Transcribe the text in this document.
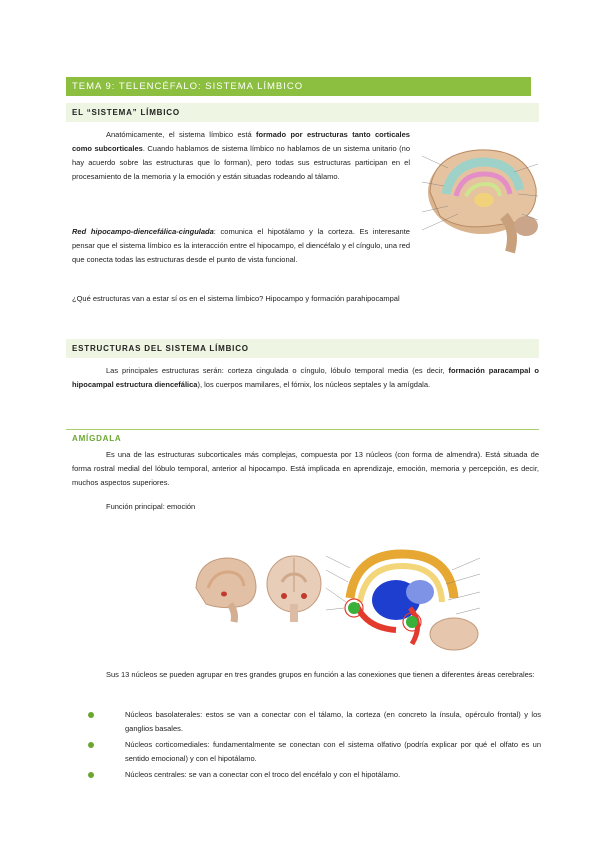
TEMA 9: TELENCÉFALO: SISTEMA LÍMBICO
EL “SISTEMA” LÍMBICO

Anatómicamente, el sistema límbico está formado por estructuras tanto corticales como subcorticales. Cuando hablamos de sistema límbico no hablamos de un sistema unitario (no hay acuerdo sobre las estructuras que lo forman), pero todas sus estructuras participan en el procesamiento de la memoria y la emoción y están situadas rodeando al tálamo.

Red hipocampo-diencefálica-cingulada: comunica el hipotálamo y la corteza. Es interesante pensar que el sistema límbico es la interacción entre el hipocampo, el diencéfalo y el cíngulo, una red que conecta todas las estructuras desde el punto de vista funcional.

¿Qué estructuras van a estar sí os en el sistema límbico? Hipocampo y formación parahipocampal

ESTRUCTURAS DEL SISTEMA LÍMBICO

Las principales estructuras serán: corteza cingulada o cíngulo, lóbulo temporal media (es decir, formación paracampal o hipocampal estructura diencefálica), los cuerpos mamilares, el fórnix, los núcleos septales y la amígdala.

AMÍGDALA

Es una de las estructuras subcorticales más complejas, compuesta por 13 núcleos (con forma de almendra). Está situada de forma rostral medial del lóbulo temporal, anterior al hipocampo. Está implicada en aprendizaje, emoción, memoria y percepción, es decir, muchos aspectos superiores.

Función principal: emoción

Sus 13 núcleos se pueden agrupar en tres grandes grupos en función a las conexiones que tienen a diferentes áreas cerebrales:

Núcleos basolaterales: estos se van a conectar con el tálamo, la corteza (en concreto la ínsula, opérculo frontal) y los ganglios basales.
Núcleos corticomediales: fundamentalmente se conectan con el sistema olfativo (podría explicar por qué el olfato es un sentido emocional) y con el hipotálamo.
Núcleos centrales: se van a conectar con el troco del encéfalo y con el hipotálamo.
